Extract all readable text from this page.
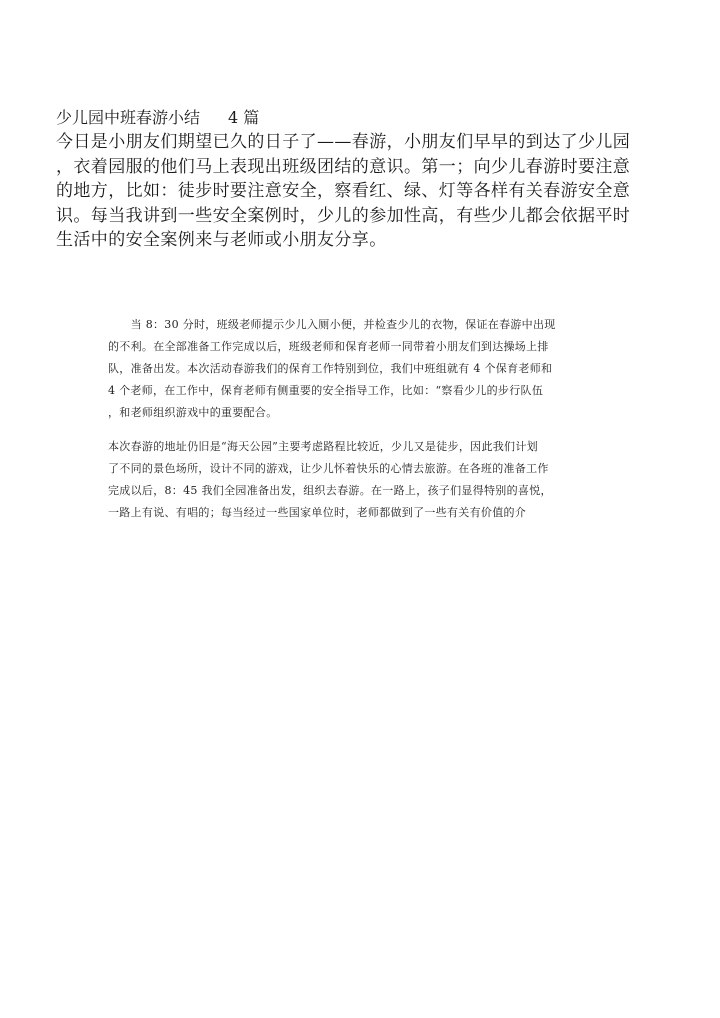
少儿园中班春游小结 4 篇
今日是小朋友们期望已久的日子了——春游，小朋友们早早的到达了少儿园
，衣着园服的他们马上表现出班级团结的意识。第一；向少儿春游时要注意
的地方，比如：徒步时要注意安全，察看红、绿、灯等各样有关春游安全意
识。每当我讲到一些安全案例时，少儿的参加性高，有些少儿都会依据平时
生活中的安全案例来与老师或小朋友分享。
　　当 8：30 分时，班级老师提示少儿入厕小便，并检查少儿的衣物，保证在春游中出现
的不利。在全部准备工作完成以后，班级老师和保育老师一同带着小朋友们到达操场上排
队，准备出发。本次活动春游我们的保育工作特别到位，我们中班组就有 4 个保育老师和
4 个老师，在工作中，保育老师有侧重要的安全指导工作，比如：“察看少儿的步行队伍
，和老师组织游戏中的重要配合。
本次春游的地址仍旧是“海天公园”主要考虑路程比较近，少儿又是徒步，因此我们计划
了不同的景色场所，设计不同的游戏，让少儿怀着快乐的心情去旅游。在各班的准备工作
完成以后，8：45 我们全园准备出发，组织去春游。在一路上，孩子们显得特别的喜悦，
一路上有说、有唱的；每当经过一些国家单位时，老师都做到了一些有关有价值的介
